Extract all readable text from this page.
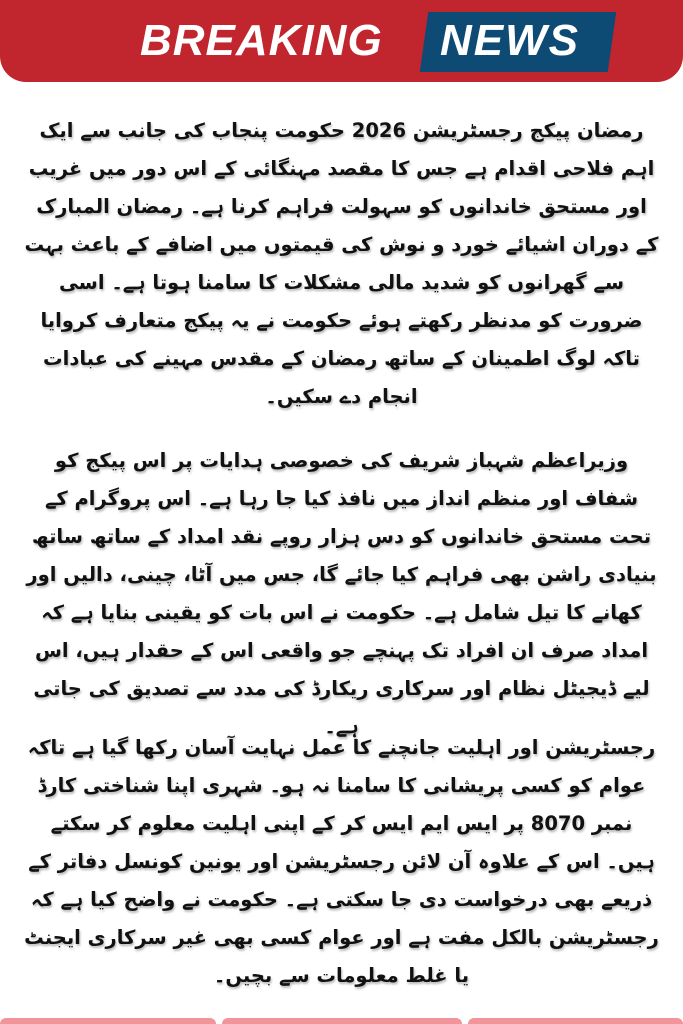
BREAKING NEWS

رمضان پیکج رجسٹریشن 2026 حکومت پنجاب کی جانب سے ایک اہم فلاحی اقدام ہے جس کا مقصد مہنگائی کے اس دور میں غریب اور مستحق خاندانوں کو سہولت فراہم کرنا ہے۔ رمضان المبارک کے دوران اشیائے خورد و نوش کی قیمتوں میں اضافے کے باعث بہت سے گھرانوں کو شدید مالی مشکلات کا سامنا ہوتا ہے۔ اسی ضرورت کو مدنظر رکھتے ہوئے حکومت نے یہ پیکج متعارف کروایا تاکہ لوگ اطمینان کے ساتھ رمضان کے مقدس مہینے کی عبادات انجام دے سکیں۔

وزیراعظم شہباز شریف کی خصوصی ہدایات پر اس پیکج کو شفاف اور منظم انداز میں نافذ کیا جا رہا ہے۔ اس پروگرام کے تحت مستحق خاندانوں کو دس ہزار روپے نقد امداد کے ساتھ ساتھ بنیادی راشن بھی فراہم کیا جائے گا، جس میں آٹا، چینی، دالیں اور کھانے کا تیل شامل ہے۔ حکومت نے اس بات کو یقینی بنایا ہے کہ امداد صرف ان افراد تک پہنچے جو واقعی اس کے حقدار ہیں، اس لیے ڈیجیٹل نظام اور سرکاری ریکارڈ کی مدد سے تصدیق کی جاتی ہے۔

رجسٹریشن اور اہلیت جانچنے کا عمل نہایت آسان رکھا گیا ہے تاکہ عوام کو کسی پریشانی کا سامنا نہ ہو۔ شہری اپنا شناختی کارڈ نمبر 8070 پر ایس ایم ایس کر کے اپنی اہلیت معلوم کر سکتے ہیں۔ اس کے علاوہ آن لائن رجسٹریشن اور یونین کونسل دفاتر کے ذریعے بھی درخواست دی جا سکتی ہے۔ حکومت نے واضح کیا ہے کہ رجسٹریشن بالکل مفت ہے اور عوام کسی بھی غیر سرکاری ایجنٹ یا غلط معلومات سے بچیں۔
